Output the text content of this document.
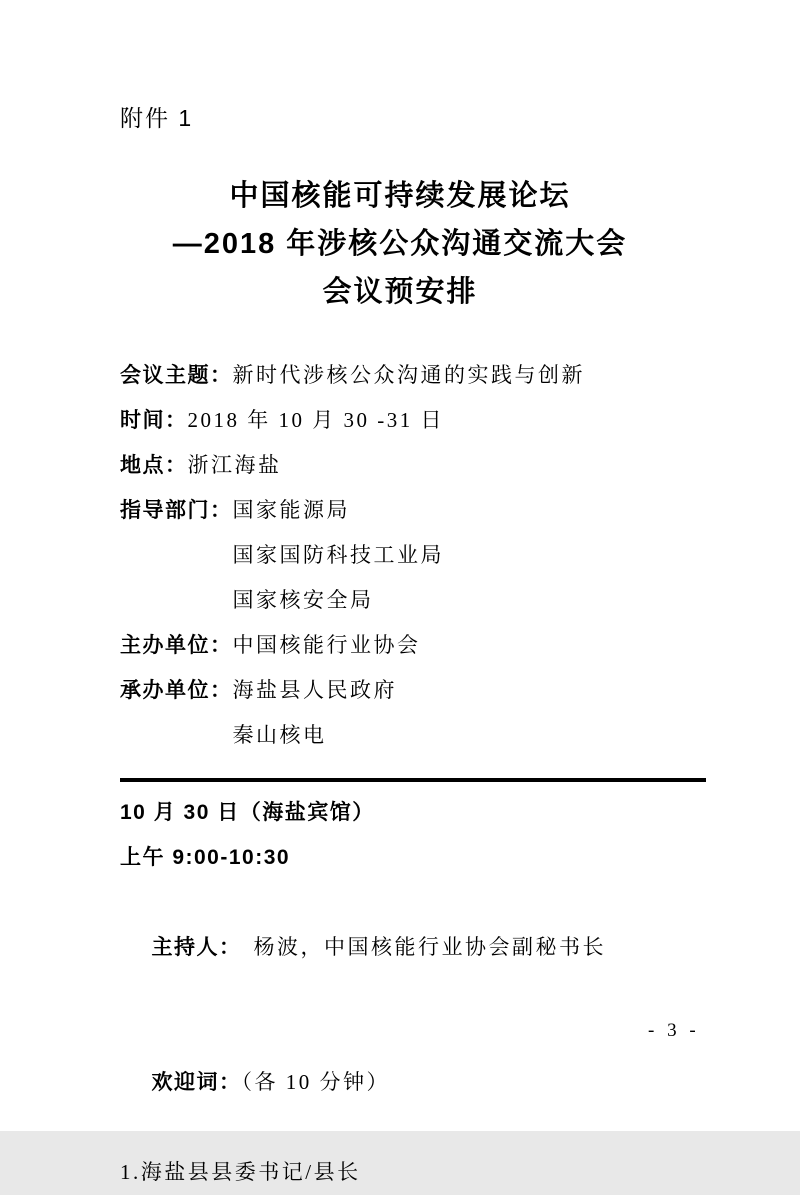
附件 1
中国核能可持续发展论坛
—2018 年涉核公众沟通交流大会
会议预安排
会议主题： 新时代涉核公众沟通的实践与创新
时间： 2018 年 10 月 30 -31 日
地点： 浙江海盐
指导部门： 国家能源局
国家国防科技工业局
国家核安全局
主办单位： 中国核能行业协会
承办单位： 海盐县人民政府
秦山核电
10 月 30 日（海盐宾馆）
上午 9:00-10:30

主持人： 杨波，中国核能行业协会副秘书长

欢迎词：（各 10 分钟）

1.海盐县县委书记/县长
- 3 -
